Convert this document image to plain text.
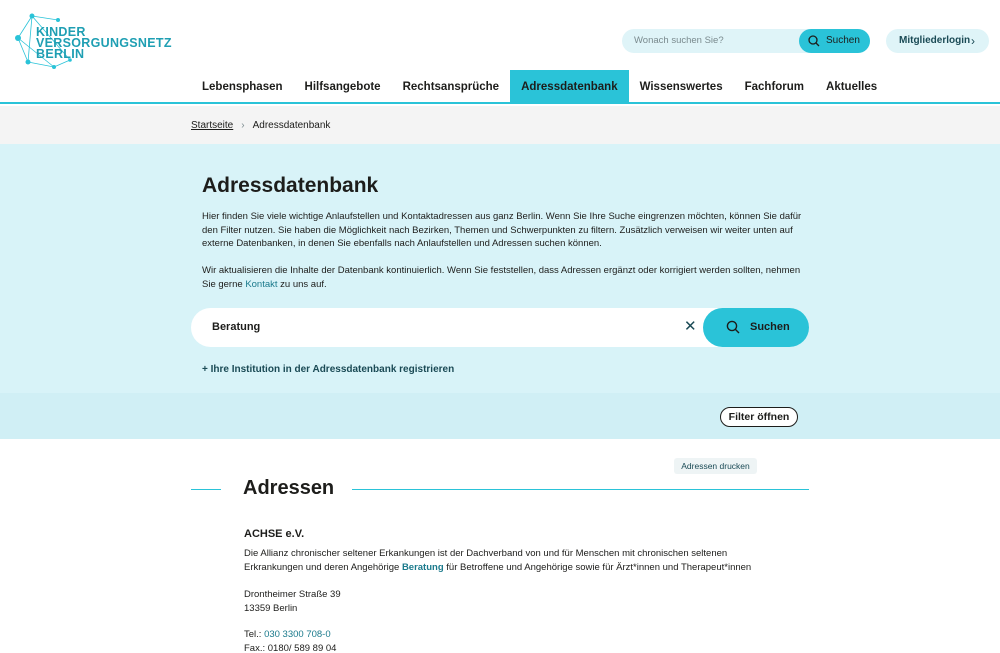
KINDER
VERSORGUNGSNETZ
BERLIN
Wonach suchen Sie?	Suchen	Mitgliederlogin ›
Lebensphasen	Hilfsangebote	Rechtsansprüche	Adressdatenbank	Wissenswertes	Fachforum	Aktuelles
Startseite › Adressdatenbank
Adressdatenbank

Hier finden Sie viele wichtige Anlaufstellen und Kontaktadressen aus ganz Berlin. Wenn Sie Ihre Suche eingrenzen möchten, können Sie dafür den Filter nutzen. Sie haben die Möglichkeit nach Bezirken, Themen und Schwerpunkten zu filtern. Zusätzlich verweisen wir weiter unten auf externe Datenbanken, in denen Sie ebenfalls nach Anlaufstellen und Adressen suchen können.

Wir aktualisieren die Inhalte der Datenbank kontinuierlich. Wenn Sie feststellen, dass Adressen ergänzt oder korrigiert werden sollten, nehmen Sie gerne Kontakt zu uns auf.

Beratung	✕	Suchen
+ Ihre Institution in der Adressdatenbank registrieren
Filter öffnen
Adressen drucken
Adressen
ACHSE e.V.
Die Allianz chronischer seltener Erkankungen ist der Dachverband von und für Menschen mit chronischen seltenen Erkrankungen und deren Angehörige Beratung für Betroffene und Angehörige sowie für Ärzt*innen und Therapeut*innen
Drontheimer Straße 39
13359 Berlin
Tel.: 030 3300 708-0
Fax.: 0180/ 589 89 04
